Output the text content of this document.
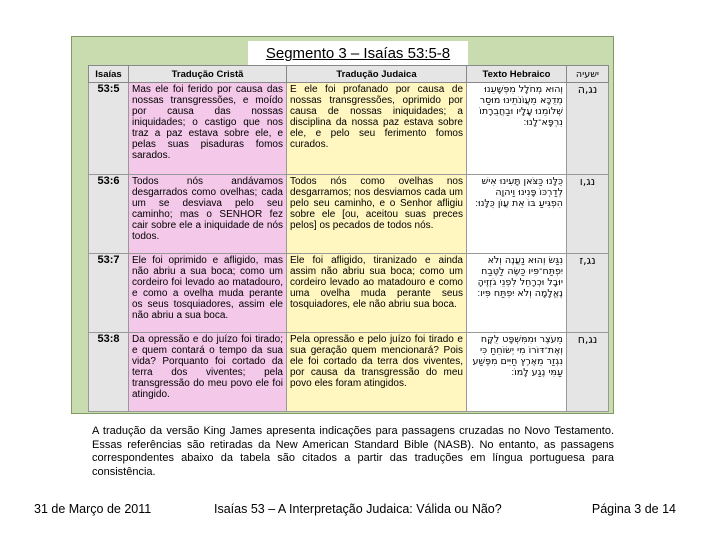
Segmento 3 – Isaías 53:5-8
Isaías	Tradução Cristã	Tradução Judaica	Texto Hebraico	ישעיה
53:5	Mas ele foi ferido por causa das nossas transgressões, e moído por causa das nossas iniquidades; o castigo que nos traz a paz estava sobre ele, e pelas suas pisaduras fomos sarados.	E ele foi profanado por causa de nossas transgressões, oprimido por causa de nossas iniquidades; a disciplina da nossa paz estava sobre ele, e pelo seu ferimento fomos curados.	וְהוּא מְחֹלָל מִפְּשָׁעֵנוּ מְדֻכָּא מֵעֲוֺנֹתֵינוּ מוּסַר שְׁלוֹמֵנוּ עָלָיו וּבַחֲבֻרָתוֹ נִרְפָּא־לָנוּ׃	נג,ה
53:6	Todos nós andávamos desgarrados como ovelhas; cada um se desviava pelo seu caminho; mas o SENHOR fez cair sobre ele a iniquidade de nós todos.	Todos nós como ovelhas nos desgarramos; nos desviamos cada um pelo seu caminho, e o Senhor afligiu sobre ele [ou, aceitou suas preces pelos] os pecados de todos nós.	כֻּלָּנוּ כַּצֹּאן תָּעִינוּ אִישׁ לְדַרְכּוֹ פָּנִינוּ וַיהוָה הִפְגִּיעַ בּוֹ אֵת עֲוֺן כֻּלָּנוּ׃	נג,ו
53:7	Ele foi oprimido e afligido, mas não abriu a sua boca; como um cordeiro foi levado ao matadouro, e como a ovelha muda perante os seus tosquiadores, assim ele não abriu a sua boca.	Ele foi afligido, tiranizado e ainda assim não abriu sua boca; como um cordeiro levado ao matadouro e como uma ovelha muda perante seus tosquiadores, ele não abriu sua boca.	נִגַּשׂ וְהוּא נַעֲנֶה וְלֹא יִפְתַּח־פִּיו כַּשֶּׂה לַטֶּבַח יוּבָל וּכְרָחֵל לִפְנֵי גֹזְזֶיהָ נֶאֱלָמָה וְלֹא יִפְתַּח פִּיו׃	נג,ז
53:8	Da opressão e do juízo foi tirado; e quem contará o tempo da sua vida? Porquanto foi cortado da terra dos viventes; pela transgressão do meu povo ele foi atingido.	Pela opressão e pelo juízo foi tirado e sua geração quem mencionará? Pois ele foi cortado da terra dos viventes, por causa da transgressão do meu povo eles foram atingidos.	מֵעֹצֶר וּמִמִּשְׁפָּט לֻקָּח וְאֶת־דּוֹרוֹ מִי יְשׂוֹחֵחַ כִּי נִגְזַר מֵאֶרֶץ חַיִּים מִפֶּשַׁע עַמִּי נֶגַע לָמוֹ׃	נג,ח
A tradução da versão King James apresenta indicações para passagens cruzadas no Novo Testamento. Essas referências são retiradas da New American Standard Bible (NASB). No entanto, as passagens correspondentes abaixo da tabela são citados a partir das traduções em língua portuguesa para consistência.
31 de Março de 2011	Isaías 53 – A Interpretação Judaica: Válida ou Não?	Página 3 de 14
